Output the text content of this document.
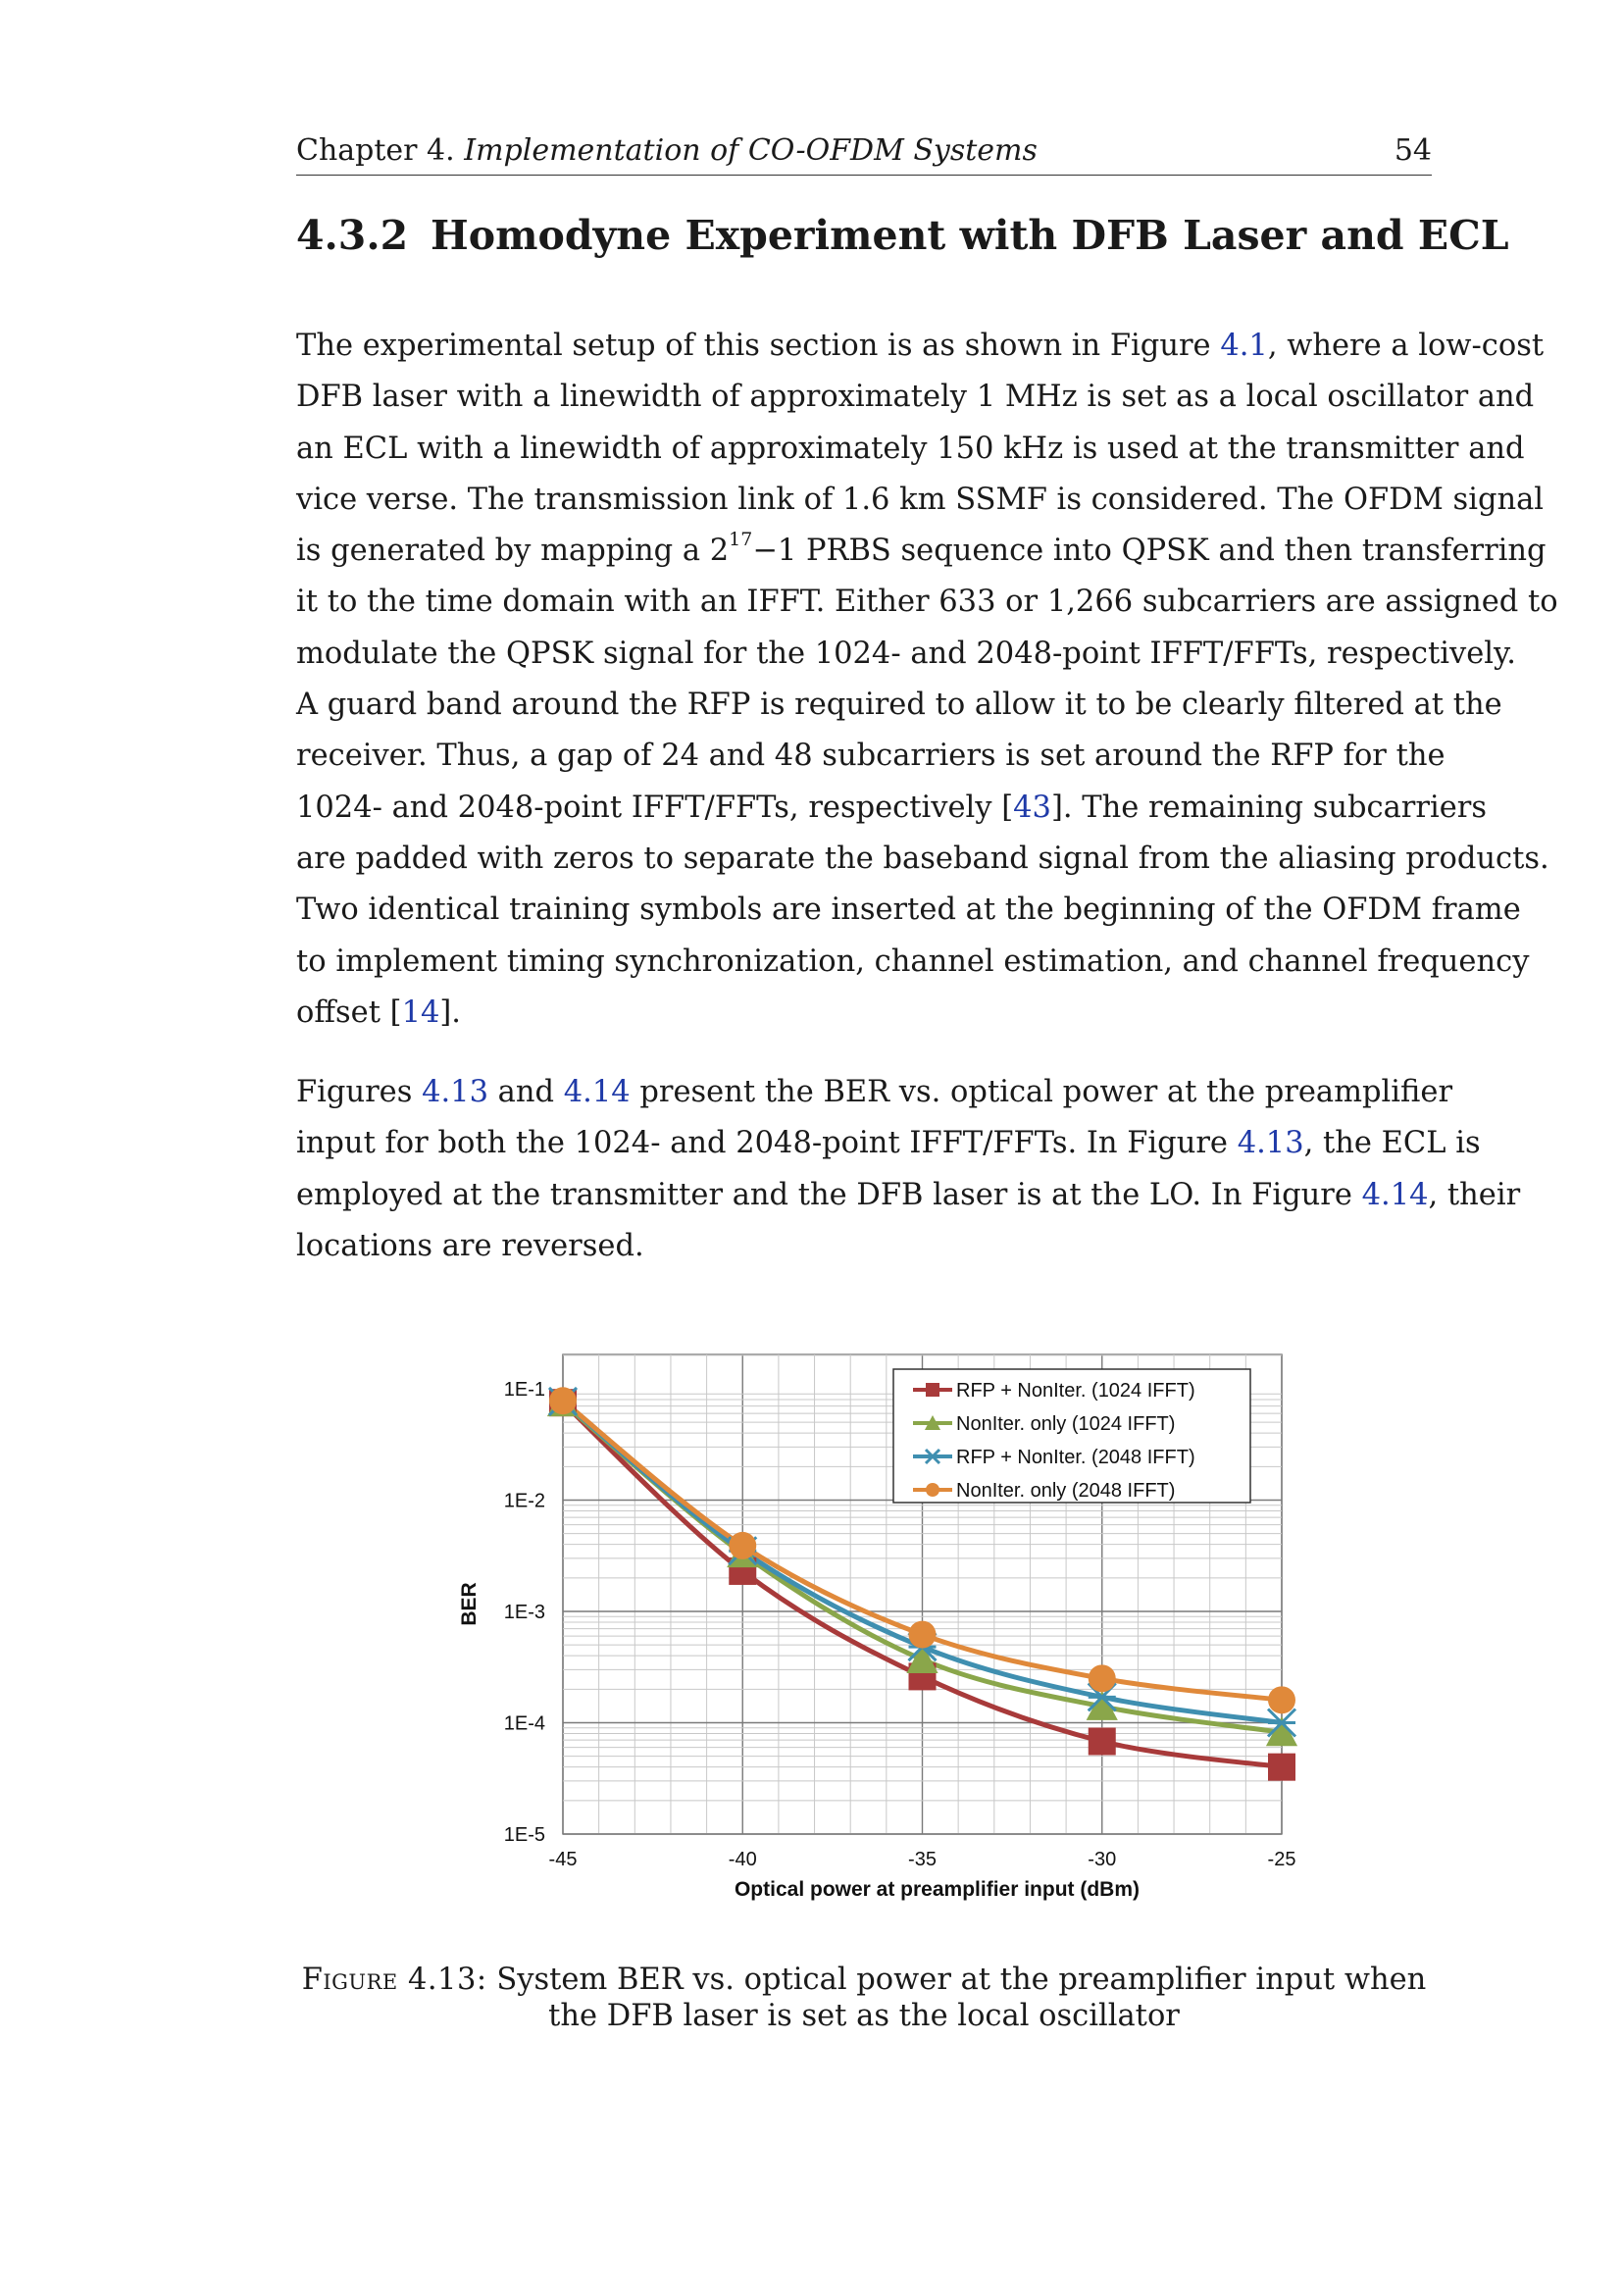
Chapter 4. Implementation of CO-OFDM Systems	54
4.3.2 Homodyne Experiment with DFB Laser and ECL

The experimental setup of this section is as shown in Figure 4.1, where a low-cost
DFB laser with a linewidth of approximately 1 MHz is set as a local oscillator and
an ECL with a linewidth of approximately 150 kHz is used at the transmitter and
vice verse. The transmission link of 1.6 km SSMF is considered. The OFDM signal
is generated by mapping a $2^{17}-1$ PRBS sequence into QPSK and then transferring
it to the time domain with an IFFT. Either 633 or 1,266 subcarriers are assigned to
modulate the QPSK signal for the 1024- and 2048-point IFFT/FFTs, respectively.
A guard band around the RFP is required to allow it to be clearly filtered at the
receiver. Thus, a gap of 24 and 48 subcarriers is set around the RFP for the
1024- and 2048-point IFFT/FFTs, respectively [43]. The remaining subcarriers
are padded with zeros to separate the baseband signal from the aliasing products.
Two identical training symbols are inserted at the beginning of the OFDM frame
to implement timing synchronization, channel estimation, and channel frequency
offset [14].

Figures 4.13 and 4.14 present the BER vs. optical power at the preamplifier
input for both the 1024- and 2048-point IFFT/FFTs. In Figure 4.13, the ECL is
employed at the transmitter and the DFB laser is at the LO. In Figure 4.14, their
locations are reversed.

-45	-40	-35	-30	-25
1E-1
1E-2
1E-3
1E-4
1E-5
Optical power at preamplifier input (dBm)
BER
RFP + NonIter. (1024 IFFT)
NonIter. only (1024 IFFT)
RFP + NonIter. (2048 IFFT)
NonIter. only (2048 IFFT)
Figure 4.13: System BER vs. optical power at the preamplifier input when
the DFB laser is set as the local oscillator
